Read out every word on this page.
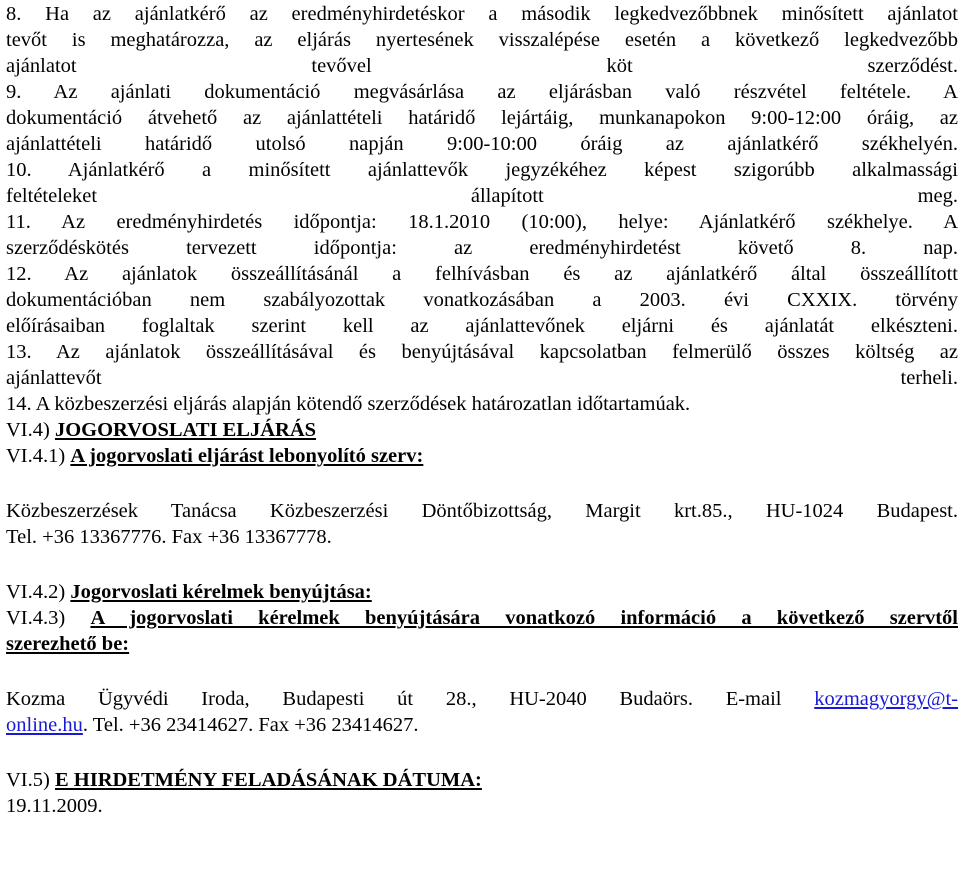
8. Ha az ajánlatkérő az eredményhirdetéskor a második legkedvezőbbnek minősített ajánlatot
tevőt is meghatározza, az eljárás nyertesének visszalépése esetén a következő legkedvezőbb
ajánlatot tevővel köt szerződést.
9. Az ajánlati dokumentáció megvásárlása az eljárásban való részvétel feltétele. A
dokumentáció átvehető az ajánlattételi határidő lejártáig, munkanapokon 9:00-12:00 óráig, az
ajánlattételi határidő utolsó napján 9:00-10:00 óráig az ajánlatkérő székhelyén.
10. Ajánlatkérő a minősített ajánlattevők jegyzékéhez képest szigorúbb alkalmassági
feltételeket állapított meg.
11. Az eredményhirdetés időpontja: 18.1.2010 (10:00), helye: Ajánlatkérő székhelye. A
szerződéskötés tervezett időpontja: az eredményhirdetést követő 8. nap.
12. Az ajánlatok összeállításánál a felhívásban és az ajánlatkérő által összeállított
dokumentációban nem szabályozottak vonatkozásában a 2003. évi CXXIX. törvény
előírásaiban foglaltak szerint kell az ajánlattevőnek eljárni és ajánlatát elkészteni.
13. Az ajánlatok összeállításával és benyújtásával kapcsolatban felmerülő összes költség az
ajánlattevőt terheli.
14. A közbeszerzési eljárás alapján kötendő szerződések határozatlan időtartamúak.
VI.4) JOGORVOSLATI ELJÁRÁS
VI.4.1) A jogorvoslati eljárást lebonyolító szerv:
Közbeszerzések Tanácsa Közbeszerzési Döntőbizottság, Margit krt.85., HU-1024 Budapest.
Tel. +36 13367776. Fax +36 13367778.
VI.4.2) Jogorvoslati kérelmek benyújtása:
VI.4.3) A jogorvoslati kérelmek benyújtására vonatkozó információ a következő szervtől
szerezhető be:
Kozma Ügyvédi Iroda, Budapesti út 28., HU-2040 Budaörs. E-mail kozmagyorgy@t-
online.hu. Tel. +36 23414627. Fax +36 23414627.
VI.5) E HIRDETMÉNY FELADÁSÁNAK DÁTUMA:
19.11.2009.
